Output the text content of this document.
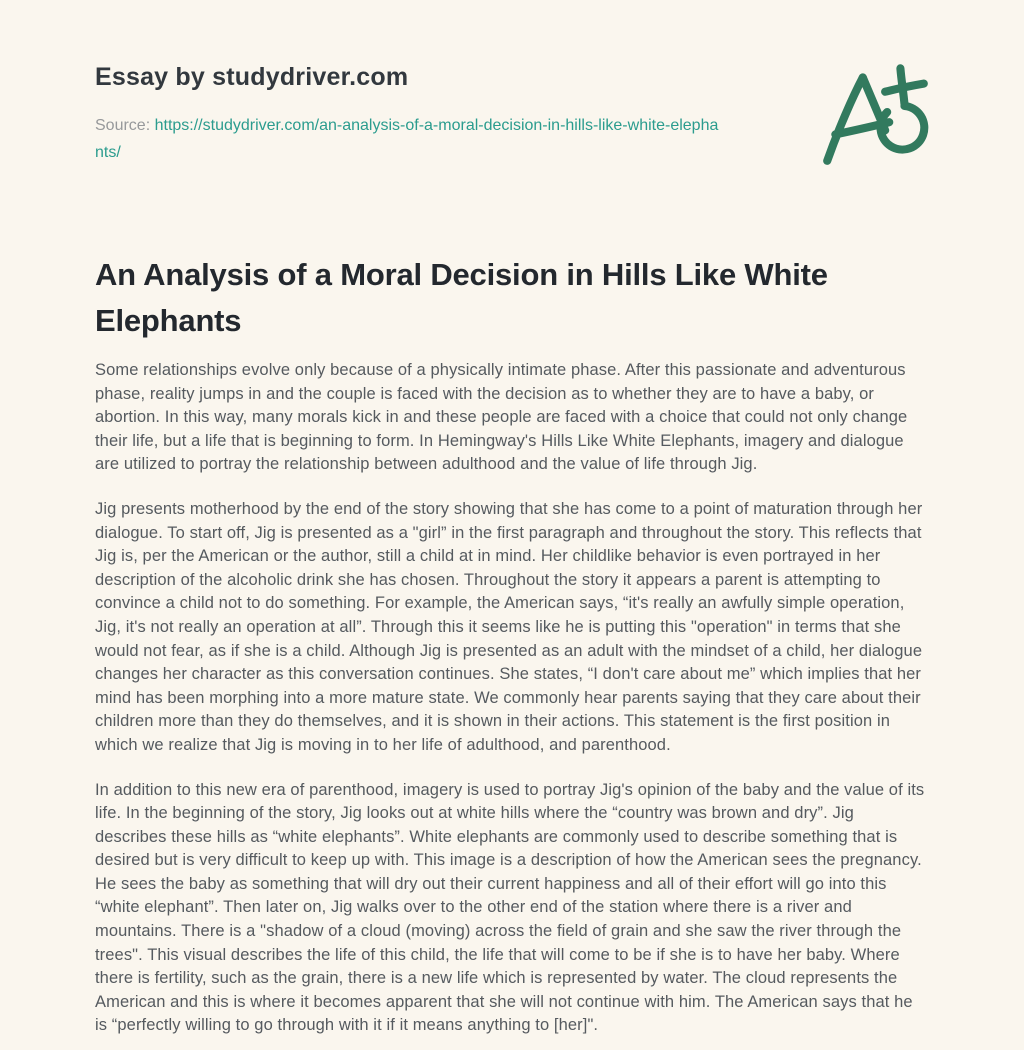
Essay by studydriver.com

Source: https://studydriver.com/an-analysis-of-a-moral-decision-in-hills-like-white-elephants/

An Analysis of a Moral Decision in Hills Like White Elephants

Some relationships evolve only because of a physically intimate phase. After this passionate and adventurous phase, reality jumps in and the couple is faced with the decision as to whether they are to have a baby, or abortion. In this way, many morals kick in and these people are faced with a choice that could not only change their life, but a life that is beginning to form. In Hemingway's Hills Like White Elephants, imagery and dialogue are utilized to portray the relationship between adulthood and the value of life through Jig.

Jig presents motherhood by the end of the story showing that she has come to a point of maturation through her dialogue. To start off, Jig is presented as a "girl” in the first paragraph and throughout the story. This reflects that Jig is, per the American or the author, still a child at in mind. Her childlike behavior is even portrayed in her description of the alcoholic drink she has chosen. Throughout the story it appears a parent is attempting to convince a child not to do something. For example, the American says, “it's really an awfully simple operation, Jig, it's not really an operation at all”. Through this it seems like he is putting this "operation" in terms that she would not fear, as if she is a child. Although Jig is presented as an adult with the mindset of a child, her dialogue changes her character as this conversation continues. She states, “I don't care about me” which implies that her mind has been morphing into a more mature state. We commonly hear parents saying that they care about their children more than they do themselves, and it is shown in their actions. This statement is the first position in which we realize that Jig is moving in to her life of adulthood, and parenthood.

In addition to this new era of parenthood, imagery is used to portray Jig's opinion of the baby and the value of its life. In the beginning of the story, Jig looks out at white hills where the “country was brown and dry”. Jig describes these hills as “white elephants”. White elephants are commonly used to describe something that is desired but is very difficult to keep up with. This image is a description of how the American sees the pregnancy. He sees the baby as something that will dry out their current happiness and all of their effort will go into this “white elephant”. Then later on, Jig walks over to the other end of the station where there is a river and mountains. There is a "shadow of a cloud (moving) across the field of grain and she saw the river through the trees". This visual describes the life of this child, the life that will come to be if she is to have her baby. Where there is fertility, such as the grain, there is a new life which is represented by water. The cloud represents the American and this is where it becomes apparent that she will not continue with him. The American says that he is “perfectly willing to go through with it if it means anything to [her]".
